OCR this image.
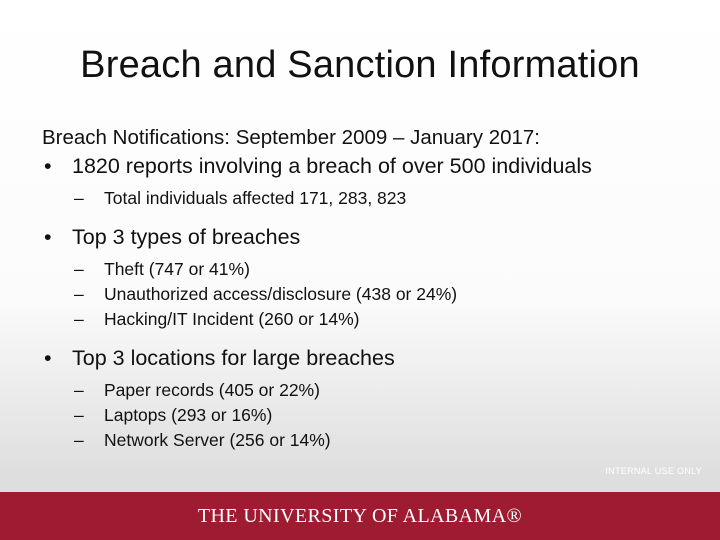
Breach and Sanction Information

Breach Notifications: September 2009 – January 2017:

• 1820 reports involving a breach of over 500 individuals
– Total individuals affected 171, 283, 823
• Top 3 types of breaches
– Theft (747 or 41%)
– Unauthorized access/disclosure (438 or 24%)
– Hacking/IT Incident (260 or 14%)
• Top 3 locations for large breaches
– Paper records (405 or 22%)
– Laptops (293 or 16%)
– Network Server (256 or 14%)
INTERNAL USE ONLY
THE UNIVERSITY OF ALABAMA®
